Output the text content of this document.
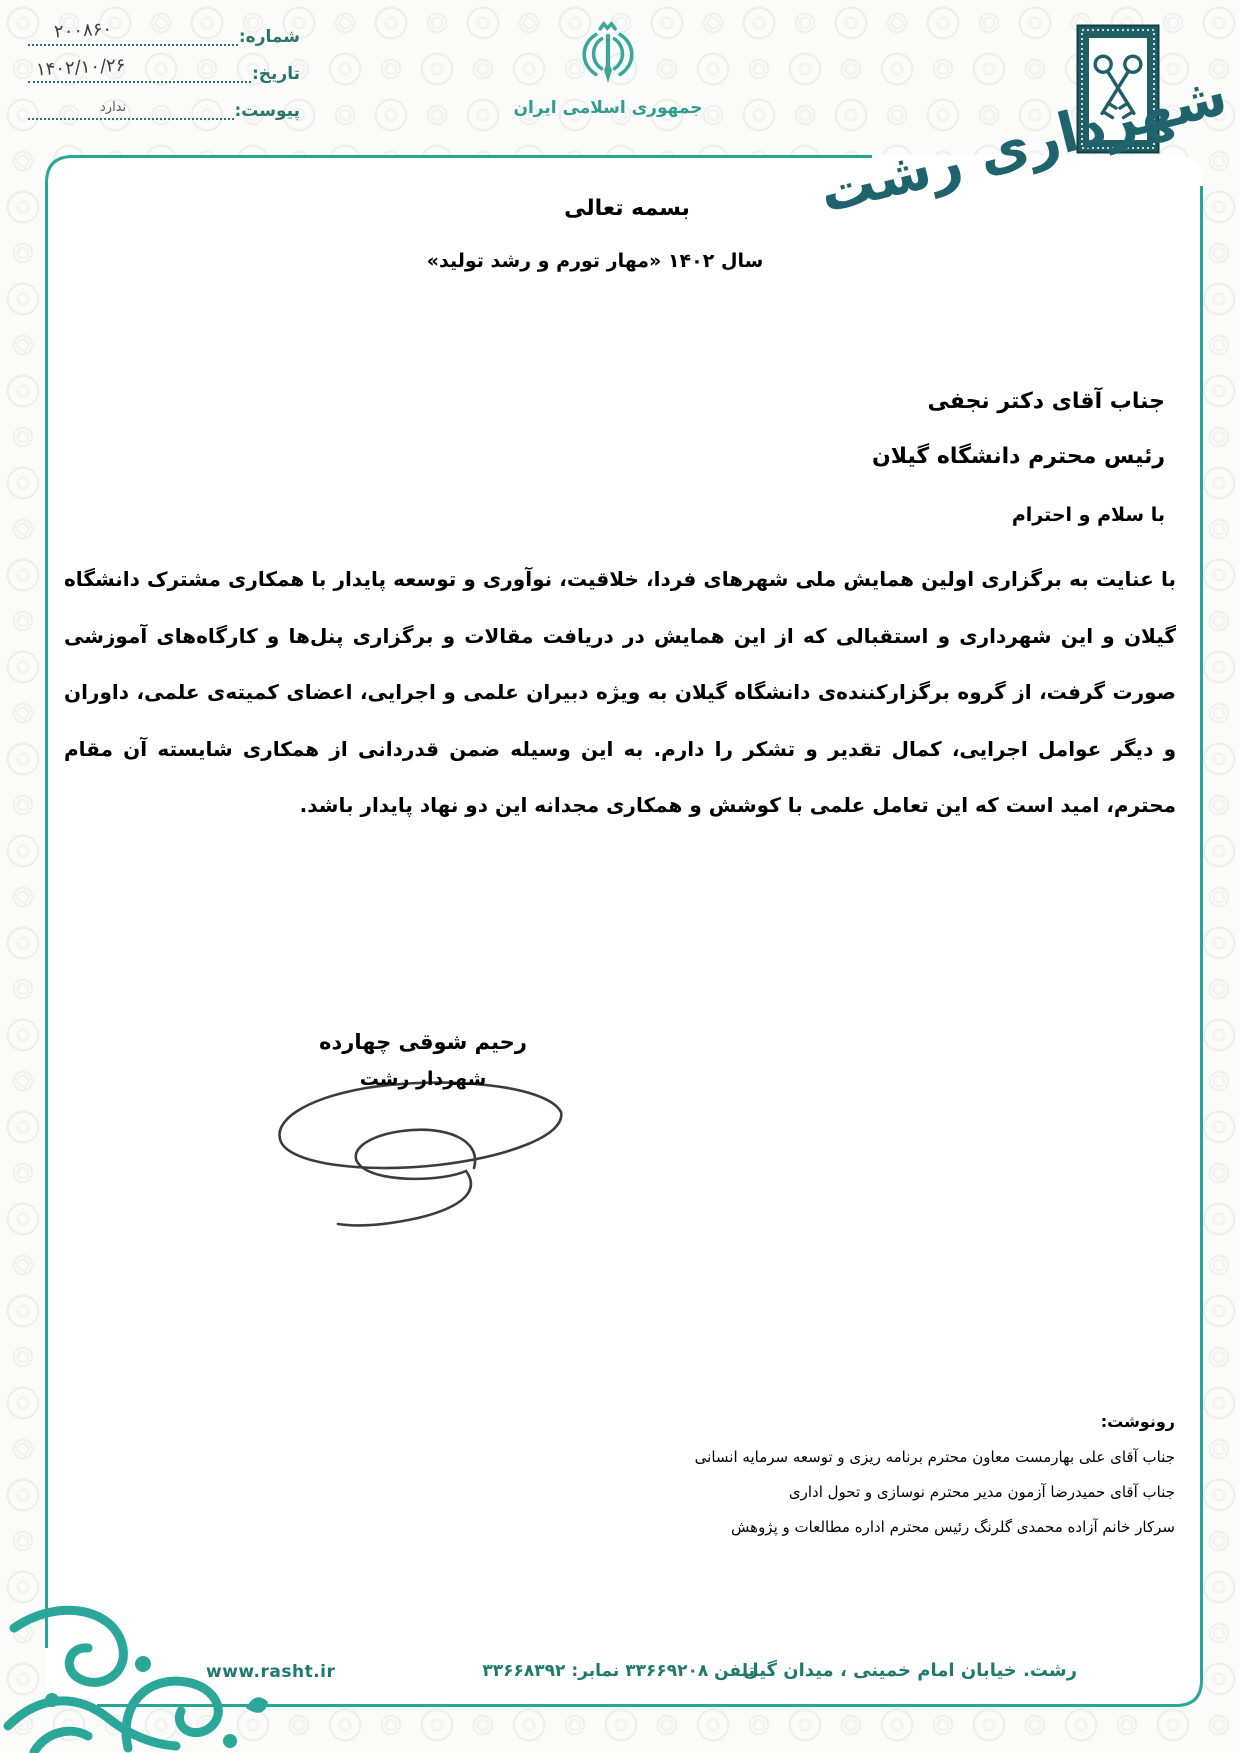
شماره:
۲۰۰۸۶۰
تاریخ:
۱۴۰۲/۱۰/۲۶
پیوست:
ندارد	جمهوری اسلامی ایران شهرداری رشت
بسمه تعالی
سال ۱۴۰۲ «مهار تورم و رشد تولید»
جناب آقای دکتر نجفی
رئیس محترم دانشگاه گیلان
با سلام و احترام
با عنایت به برگزاری اولین همایش ملی شهرهای فردا، خلاقیت، نوآوری و توسعه پایدار با همکاری مشترک دانشگاه گیلان و این شهرداری و استقبالی که از این همایش در دریافت مقالات و برگزاری پنل‌ها و کارگاه‌های آموزشی صورت گرفت، از گروه برگزارکننده‌ی دانشگاه گیلان به ویژه دبیران علمی و اجرایی، اعضای کمیته‌ی علمی، داوران و دیگر عوامل اجرایی، کمال تقدیر و تشکر را دارم. به این وسیله ضمن قدردانی از همکاری شایسته آن مقام محترم، امید است که این تعامل علمی با کوشش و همکاری مجدانه این دو نهاد پایدار باشد.
رحیم شوقی چهارده
شهردار رشت
رونوشت:
جناب آقای علی بهارمست معاون محترم برنامه ریزی و توسعه سرمایه انسانی
جناب آقای حمیدرضا آزمون مدیر محترم نوسازی و تحول اداری
سرکار خانم آزاده محمدی گلرنگ رئیس محترم اداره مطالعات و پژوهش
رشت. خیابان امام خمینی ، میدان گیل
تلفن ۳۳۶۶۹۲۰۸ نمابر: ۳۳۶۶۸۳۹۲
www.rasht.ir
